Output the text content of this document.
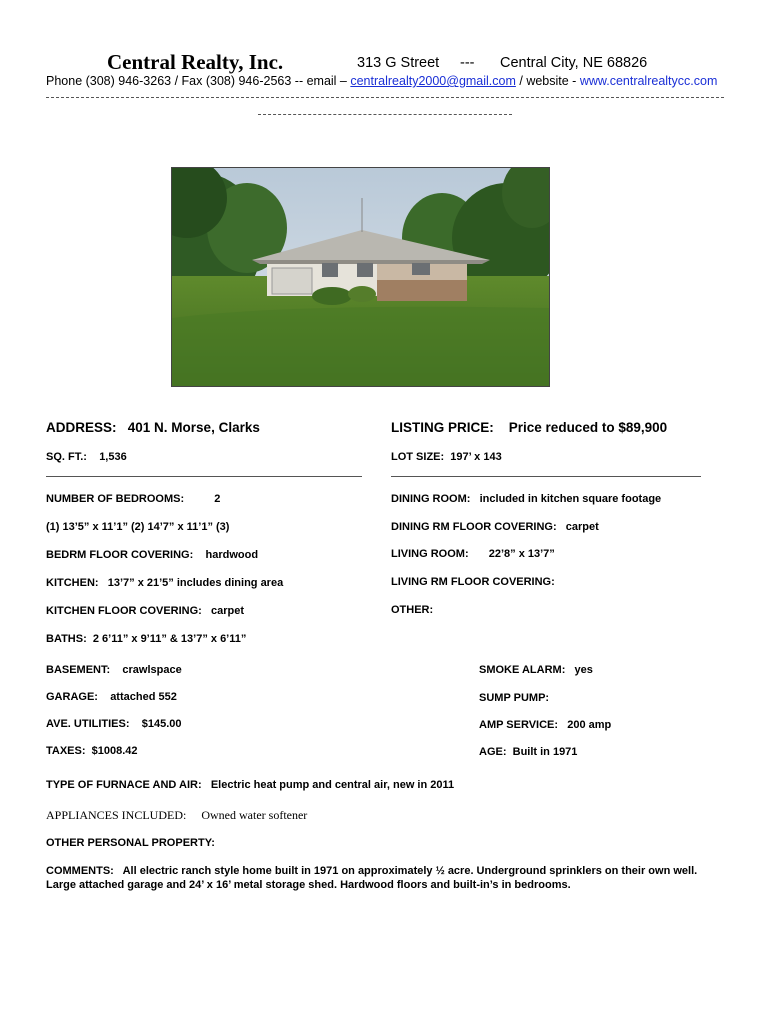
Central Realty, Inc.	313 G Street --- Central City, NE 68826
Phone (308) 946-3263 / Fax (308) 946-2563 -- email – centralrealty2000@gmail.com / website - www.centralrealtycc.com
ADDRESS: 401 N. Morse, Clarks	LISTING PRICE: Price reduced to $89,900
SQ. FT.: 1,536	LOT SIZE: 197’ x 143
NUMBER OF BEDROOMS:	2	DINING ROOM: included in kitchen square footage
(1) 13’5” x 11’1” (2) 14’7” x 11’1” (3)	DINING RM FLOOR COVERING: carpet
BEDRM FLOOR COVERING: hardwood	LIVING ROOM: 22’8” x 13’7”
KITCHEN: 13’7” x 21’5” includes dining area	LIVING RM FLOOR COVERING:
KITCHEN FLOOR COVERING: carpet	OTHER:
BATHS: 2 6’11” x 9’11” & 13’7” x 6’11”
BASEMENT: crawlspace	SMOKE ALARM: yes
GARAGE: attached 552	SUMP PUMP:
AVE. UTILITIES: $145.00	AMP SERVICE: 200 amp
TAXES: $1008.42	AGE: Built in 1971
TYPE OF FURNACE AND AIR: Electric heat pump and central air, new in 2011
APPLIANCES INCLUDED: Owned water softener
OTHER PERSONAL PROPERTY:
COMMENTS: All electric ranch style home built in 1971 on approximately ½ acre. Underground sprinklers on their own well.
Large attached garage and 24’ x 16’ metal storage shed. Hardwood floors and built-in’s in bedrooms.
